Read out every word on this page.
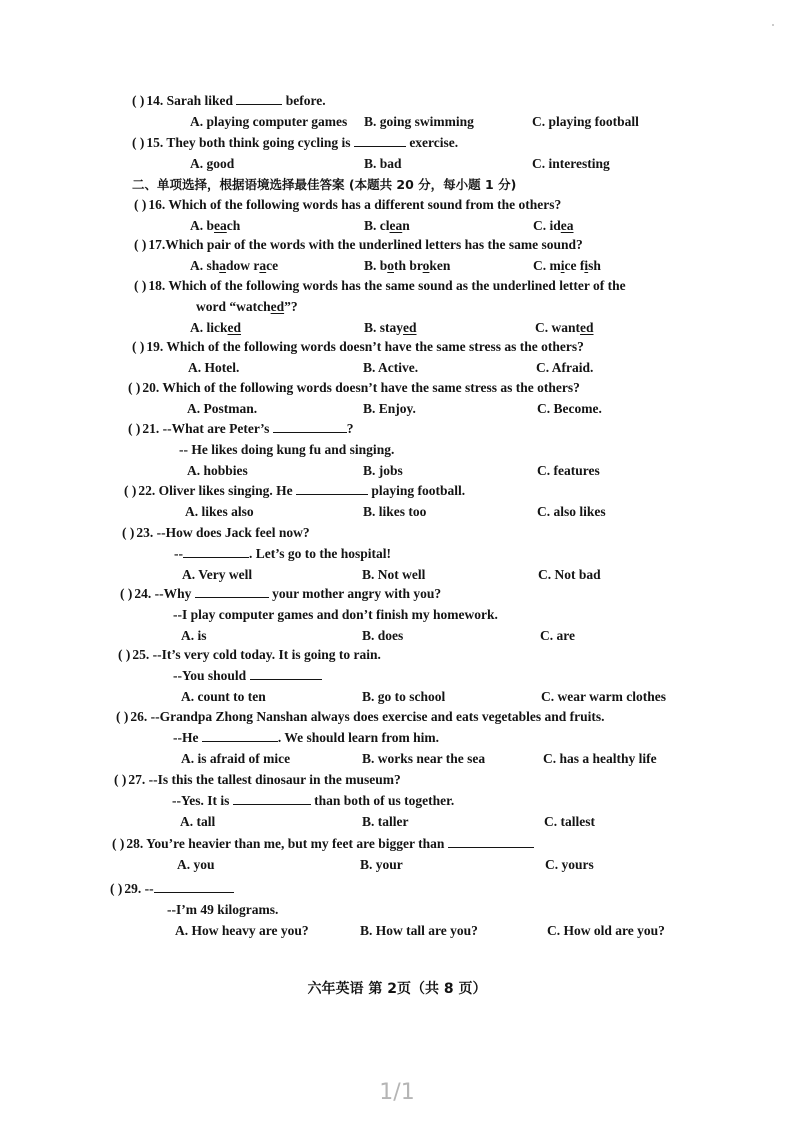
六年英语 第 2页（共 8 页）
1/1
二、单项选择，根据语境选择最佳答案 (本题共 20 分，每小题 1 分)
( ) 14. Sarah liked	before.
A. playing computer games B. going swimming	C. playing football
( ) 15. They both think going cycling is	exercise.
A. good	B. bad	C. interesting
( ) 16. Which of the following words has a different sound from the others?
A. beach	B. clean	C. idea
( ) 17.Which pair of the words with the underlined letters has the same sound?
A. shadow race	B. both broken	C. mice fish
( ) 18. Which of the following words has the same sound as the underlined letter of the
word “watched”?
A. licked	B. stayed	C. wanted
( ) 19. Which of the following words doesn’t have the same stress as the others?
A. Hotel.	B. Active.	C. Afraid.
( ) 20. Which of the following words doesn’t have the same stress as the others?
A. Postman.	B. Enjoy.	C. Become.
( ) 21. --What are Peter’s	?
-- He likes doing kung fu and singing.
A. hobbies	B. jobs	C. features
( ) 22. Oliver likes singing. He	playing football.
A. likes also	B. likes too	C. also likes
( ) 23. --How does Jack feel now?
--	. Let’s go to the hospital!
A. Very well	B. Not well	C. Not bad
( ) 24. --Why	your mother angry with you?
--I play computer games and don’t finish my homework.
A. is	B. does	C. are
( ) 25. --It’s very cold today. It is going to rain.
--You should
A. count to ten	B. go to school	C. wear warm clothes
( ) 26. --Grandpa Zhong Nanshan always does exercise and eats vegetables and fruits.
--He	. We should learn from him.
A. is afraid of mice	B. works near the sea	C. has a healthy life
( ) 27. --Is this the tallest dinosaur in the museum?
--Yes. It is	than both of us together.
A. tall	B. taller	C. tallest
( ) 28. You’re heavier than me, but my feet are bigger than
A. you	B. your	C. yours
( ) 29. --
--I’m 49 kilograms.
A. How heavy are you?	B. How tall are you?	C. How old are you?
